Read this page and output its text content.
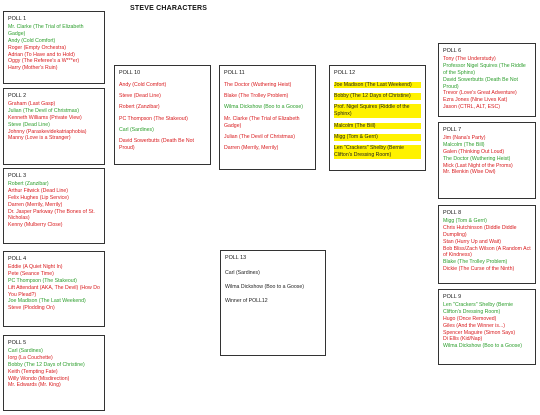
STEVE CHARACTERS
POLL 1
Mr. Clarke (The Trial of Elizabeth Gadge)
Andy (Cold Comfort)
Roger (Empty Orchestra)
Adrian (To Have and to Hold)
Oggy (The Referee's a W***er)
Harry (Mother's Ruin)
POLL 2
Graham (Last Gasp)
Julian (The Devil of Christmas)
Kenneth Williams (Private View)
Steve (Dead Line)
Johnny (Paraskevidekatriaphobia)
Manny (Love is a Stranger)
POLL 3
Robert (Zanzibar)
Arthur Fitwick (Dead Line)
Felix Hughes (Lip Service)
Darren (Merrily, Merrily)
Dr. Jasper Parkway (The Bones of St. Nicholas)
Kenny (Mulberry Close)
POLL 4
Eddie (A Quiet Night In)
Pete (Seance Time)
PC Thompson (The Stakeout)
Lift Attendant (AKA, The Devil) (How Do You Plead?)
Joe Madison (The Last Weekend)
Steve (Plodding On)
POLL 5
Carl (Sardines)
Iorg (La Couchette)
Bobby (The 12 Days of Christine)
Keith (Tempting Fate)
Willy Wondo (Misdirection)
Mr. Edwards (Mr. King)
POLL 10
Andy (Cold Comfort)
Steve (Dead Line)
Robert (Zanzibar)
PC Thompson (The Stakeout)
Carl (Sardines)
David Sowerbutts (Death Be Not Proud)
POLL 11
The Doctor (Wuthering Heist)
Blake (The Trolley Problem)
Wilma Dickshow (Boo to a Goose)
Mr. Clarke (The Trial of Elizabeth Gadge)
Julian (The Devil of Christmas)
Darren (Merrily, Merrily)
POLL 12
Joe Madison (The Last Weekend)
Bobby (The 12 Days of Christine)
Prof. Nigel Squires (Riddle of the Sphinx)
Malcolm (The Bill)
Migg (Tom & Gerri)
Len "Crackers" Shelby (Bernie Clifton's Dressing Room)
POLL 13
Carl (Sardines)
Wilma Dickshow (Boo to a Goose)
Winner of POLL12
POLL 6
Tony (The Understudy)
Professor Nigel Squires (The Riddle of the Sphinx)
David Sowerbutts (Death Be Not Proud)
Trevor (Love's Great Adventure)
Ezra Jones (Nine Lives Kat)
Jason (CTRL, ALT, ESC)
POLL 7
Jim (Nana's Party)
Malcolm (The Bill)
Galen (Thinking Out Loud)
The Doctor (Wuthering Heist)
Mick (Last Night of the Proms)
Mr. Blenkin (Wise Owl)
POLL 8
Migg (Tom & Gerri)
Chris Hutchinson (Diddle Diddle Dumpling)
Stan (Hurry Up and Wait)
Bob Bliss/Zach Wilson (A Random Act of Kindness)
Blake (The Trolley Problem)
Dickie (The Curse of the Ninth)
POLL 9
Len "Crackers" Shelby (Bernie Clifton's Dressing Room)
Hugo (Once Removed)
Giles (And the Winner is...)
Spencer Maguire (Simon Says)
Di Ellis (Kid/Nap)
Wilma Dickshow (Boo to a Goose)
